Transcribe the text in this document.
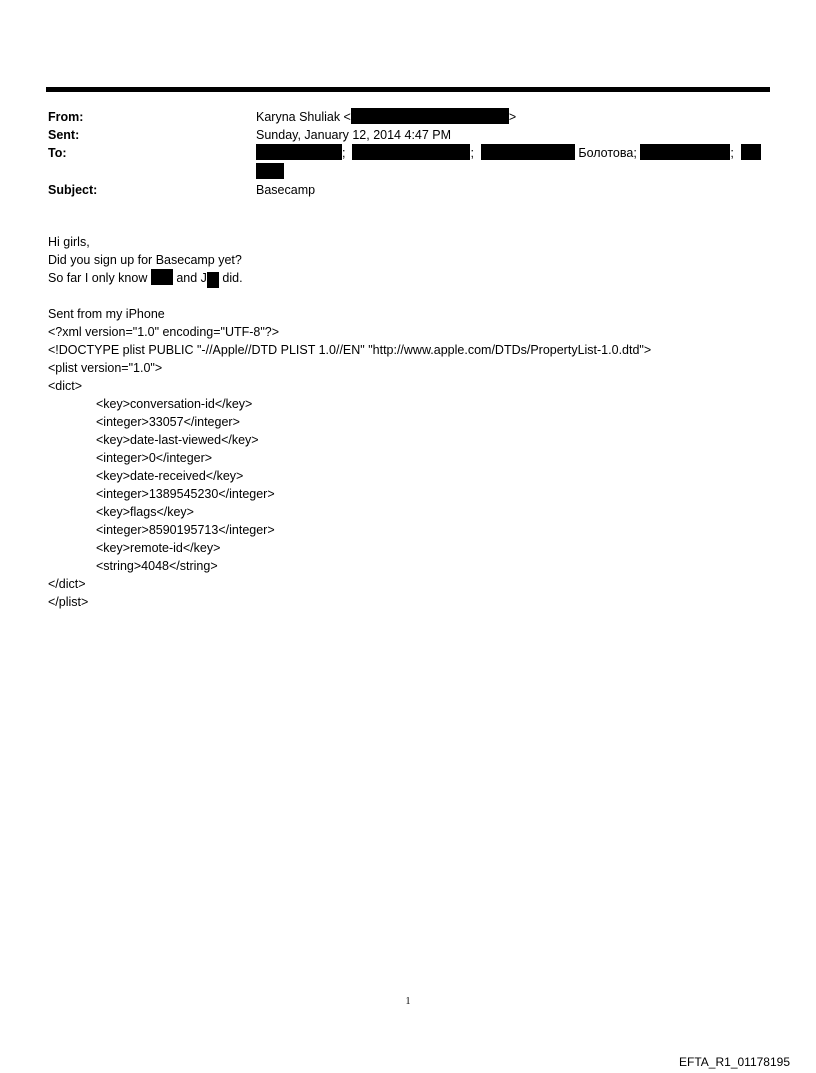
From:	Karyna Shuliak <	>
Sent:	Sunday, January 12, 2014 4:47 PM
To:	;	;	Болотова;	;
Subject:	Basecamp
Hi girls,
Did you sign up for Basecamp yet?
So far I only know and J did.
Sent from my iPhone
<?xml version="1.0" encoding="UTF-8"?>
<!DOCTYPE plist PUBLIC "-//Apple//DTD PLIST 1.0//EN" "http://www.apple.com/DTDs/PropertyList-1.0.dtd">
<plist version="1.0">
<dict>
<key>conversation-id</key>
<integer>33057</integer>
<key>date-last-viewed</key>
<integer>0</integer>
<key>date-received</key>
<integer>1389545230</integer>
<key>flags</key>
<integer>8590195713</integer>
<key>remote-id</key>
<string>4048</string>
</dict>
</plist>
1
EFTA_R1_01178195
